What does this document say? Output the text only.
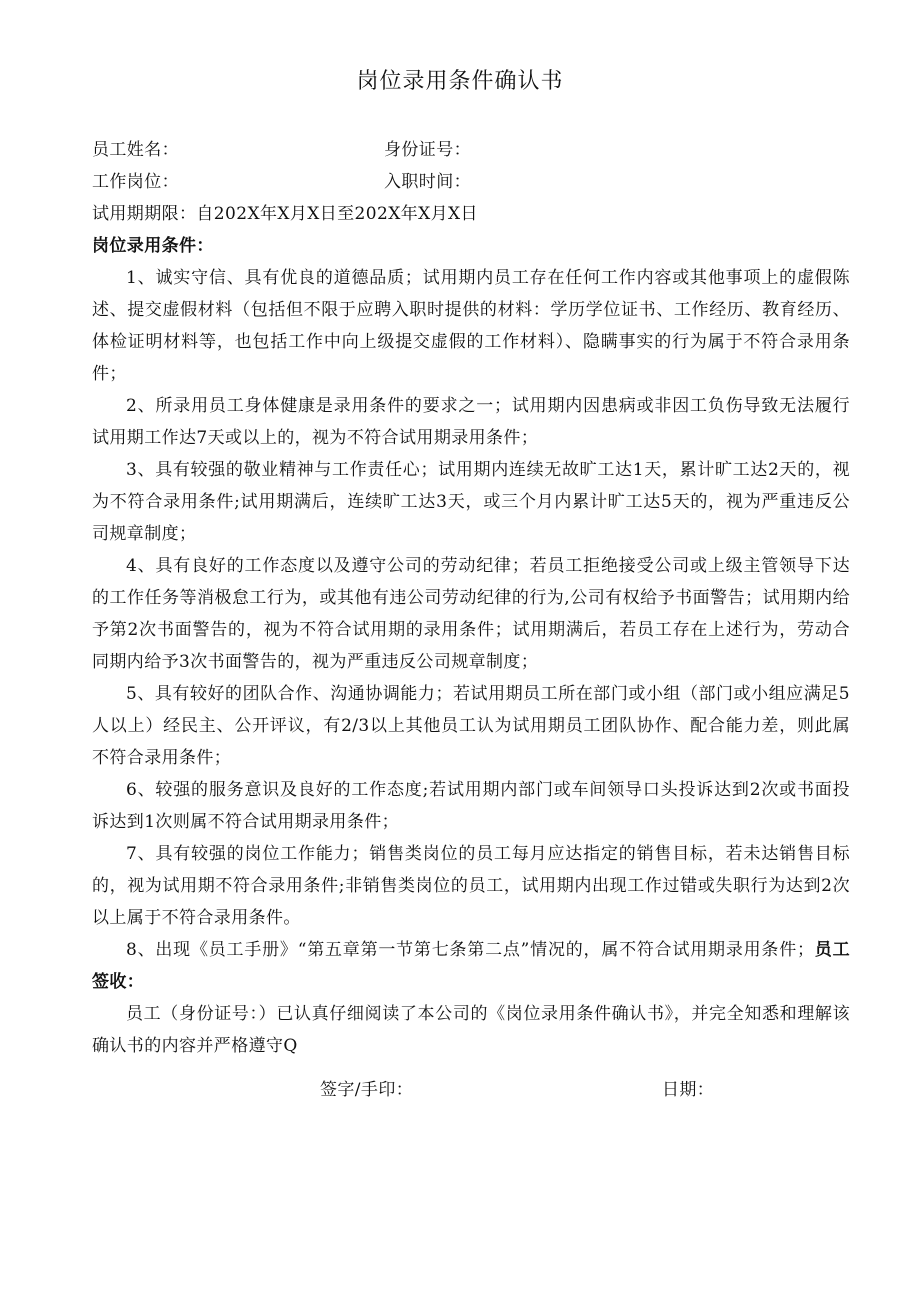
岗位录用条件确认书
员工姓名：	身份证号：
工作岗位：	入职时间：
试用期期限：自202X年X月X日至202X年X月X日
岗位录用条件：

1、诚实守信、具有优良的道德品质；试用期内员工存在任何工作内容或其他事项上的虚假陈述、提交虚假材料（包括但不限于应聘入职时提供的材料：学历学位证书、工作经历、教育经历、体检证明材料等，也包括工作中向上级提交虚假的工作材料）、隐瞒事实的行为属于不符合录用条件；

2、所录用员工身体健康是录用条件的要求之一；试用期内因患病或非因工负伤导致无法履行试用期工作达7天或以上的，视为不符合试用期录用条件；

3、具有较强的敬业精神与工作责任心；试用期内连续无故旷工达1天，累计旷工达2天的，视为不符合录用条件;试用期满后，连续旷工达3天，或三个月内累计旷工达5天的，视为严重违反公司规章制度；

4、具有良好的工作态度以及遵守公司的劳动纪律；若员工拒绝接受公司或上级主管领导下达的工作任务等消极怠工行为，或其他有违公司劳动纪律的行为,公司有权给予书面警告；试用期内给予第2次书面警告的，视为不符合试用期的录用条件；试用期满后，若员工存在上述行为，劳动合同期内给予3次书面警告的，视为严重违反公司规章制度；

5、具有较好的团队合作、沟通协调能力；若试用期员工所在部门或小组（部门或小组应满足5人以上）经民主、公开评议，有2/3以上其他员工认为试用期员工团队协作、配合能力差，则此属不符合录用条件；

6、较强的服务意识及良好的工作态度;若试用期内部门或车间领导口头投诉达到2次或书面投诉达到1次则属不符合试用期录用条件；

7、具有较强的岗位工作能力；销售类岗位的员工每月应达指定的销售目标，若未达销售目标的，视为试用期不符合录用条件;非销售类岗位的员工，试用期内出现工作过错或失职行为达到2次以上属于不符合录用条件。

8、出现《员工手册》“第五章第一节第七条第二点”情况的，属不符合试用期录用条件；员工签收：

员工（身份证号：）已认真仔细阅读了本公司的《岗位录用条件确认书》，并完全知悉和理解该确认书的内容并严格遵守Q

签字/手印：	日期：
